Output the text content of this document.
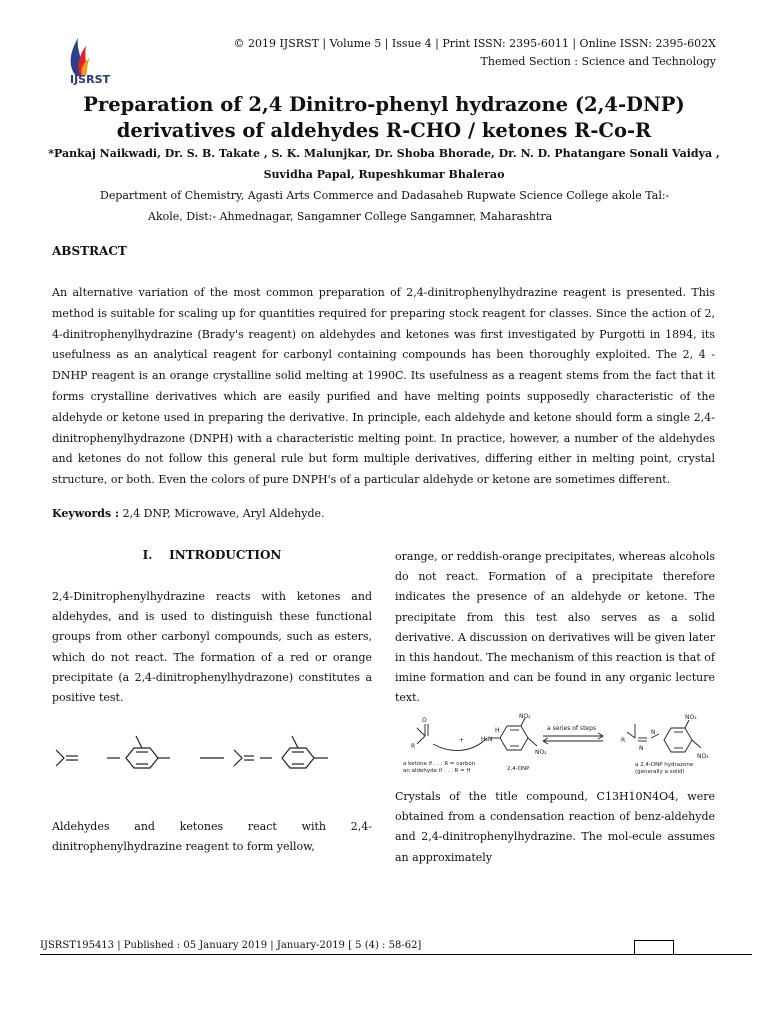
IJSRST
© 2019 IJSRST | Volume 5 | Issue 4 | Print ISSN: 2395-6011 | Online ISSN: 2395-602X
Themed Section : Science and Technology
Preparation of 2,4 Dinitro-phenyl hydrazone (2,4-DNP)
derivatives of aldehydes R-CHO / ketones R-Co-R
*Pankaj Naikwadi, Dr. S. B. Takate , S. K. Malunjkar, Dr. Shoba Bhorade, Dr. N. D. Phatangare Sonali Vaidya ,
Suvidha Papal, Rupeshkumar Bhalerao
Department of Chemistry, Agasti Arts Commerce and Dadasaheb Rupwate Science College akole Tal:-
Akole, Dist:- Ahmednagar, Sangamner College Sangamner, Maharashtra
ABSTRACT
An alternative variation of the most common preparation of 2,4-dinitrophenylhydrazine reagent is presented. This method is suitable for scaling up for quantities required for preparing stock reagent for classes. Since the action of 2, 4-dinitrophenylhydrazine (Brady's reagent) on aldehydes and ketones was first investigated by Purgotti in 1894, its usefulness as an analytical reagent for carbonyl containing compounds has been thoroughly exploited. The 2, 4 -DNHP reagent is an orange crystalline solid melting at 1990C. Its usefulness as a reagent stems from the fact that it forms crystalline derivatives which are easily purified and have melting points supposedly characteristic of the aldehyde or ketone used in preparing the derivative. In principle, each aldehyde and ketone should form a single 2,4-dinitrophenylhydrazone (DNPH) with a characteristic melting point. In practice, however, a number of the aldehydes and ketones do not follow this general rule but form multiple derivatives, differing either in melting point, crystal structure, or both. Even the colors of pure DNPH's of a particular aldehyde or ketone are sometimes different.
Keywords : 2,4 DNP, Microwave, Aryl Aldehyde.
I.    INTRODUCTION
2,4-Dinitrophenylhydrazine reacts with ketones and aldehydes, and is used to distinguish these functional groups from other carbonyl compounds, such as esters, which do not react. The formation of a red or orange precipitate (a 2,4-dinitrophenylhydrazone) constitutes a positive test.
Aldehydes and ketones react with 2,4-dinitrophenylhydrazine reagent to form yellow,
orange, or reddish-orange precipitates, whereas alcohols do not react. Formation of a precipitate therefore indicates the presence of an aldehyde or ketone. The precipitate from this test also serves as a solid derivative. A discussion on derivatives will be given later in this handout. The mechanism of this reaction is that of imine formation and can be found in any organic lecture text.
O
R
+	H₂N
H
NO₂
NO₂
a series of steps
R
N
N
NO₂
NO₂
a ketone if . . . R = carbon
an aldehyde if . . . R = H	2,4-DNP
a 2,4-DNP hydrazone
(generally a solid)
Crystals of the title compound, C13H10N4O4, were obtained from a condensation reaction of benz-aldehyde and 2,4-dinitrophenylhydrazine. The mol-ecule assumes an approximately
IJSRST195413 | Published : 05 January 2019 | January-2019 [ 5 (4) : 58-62]
